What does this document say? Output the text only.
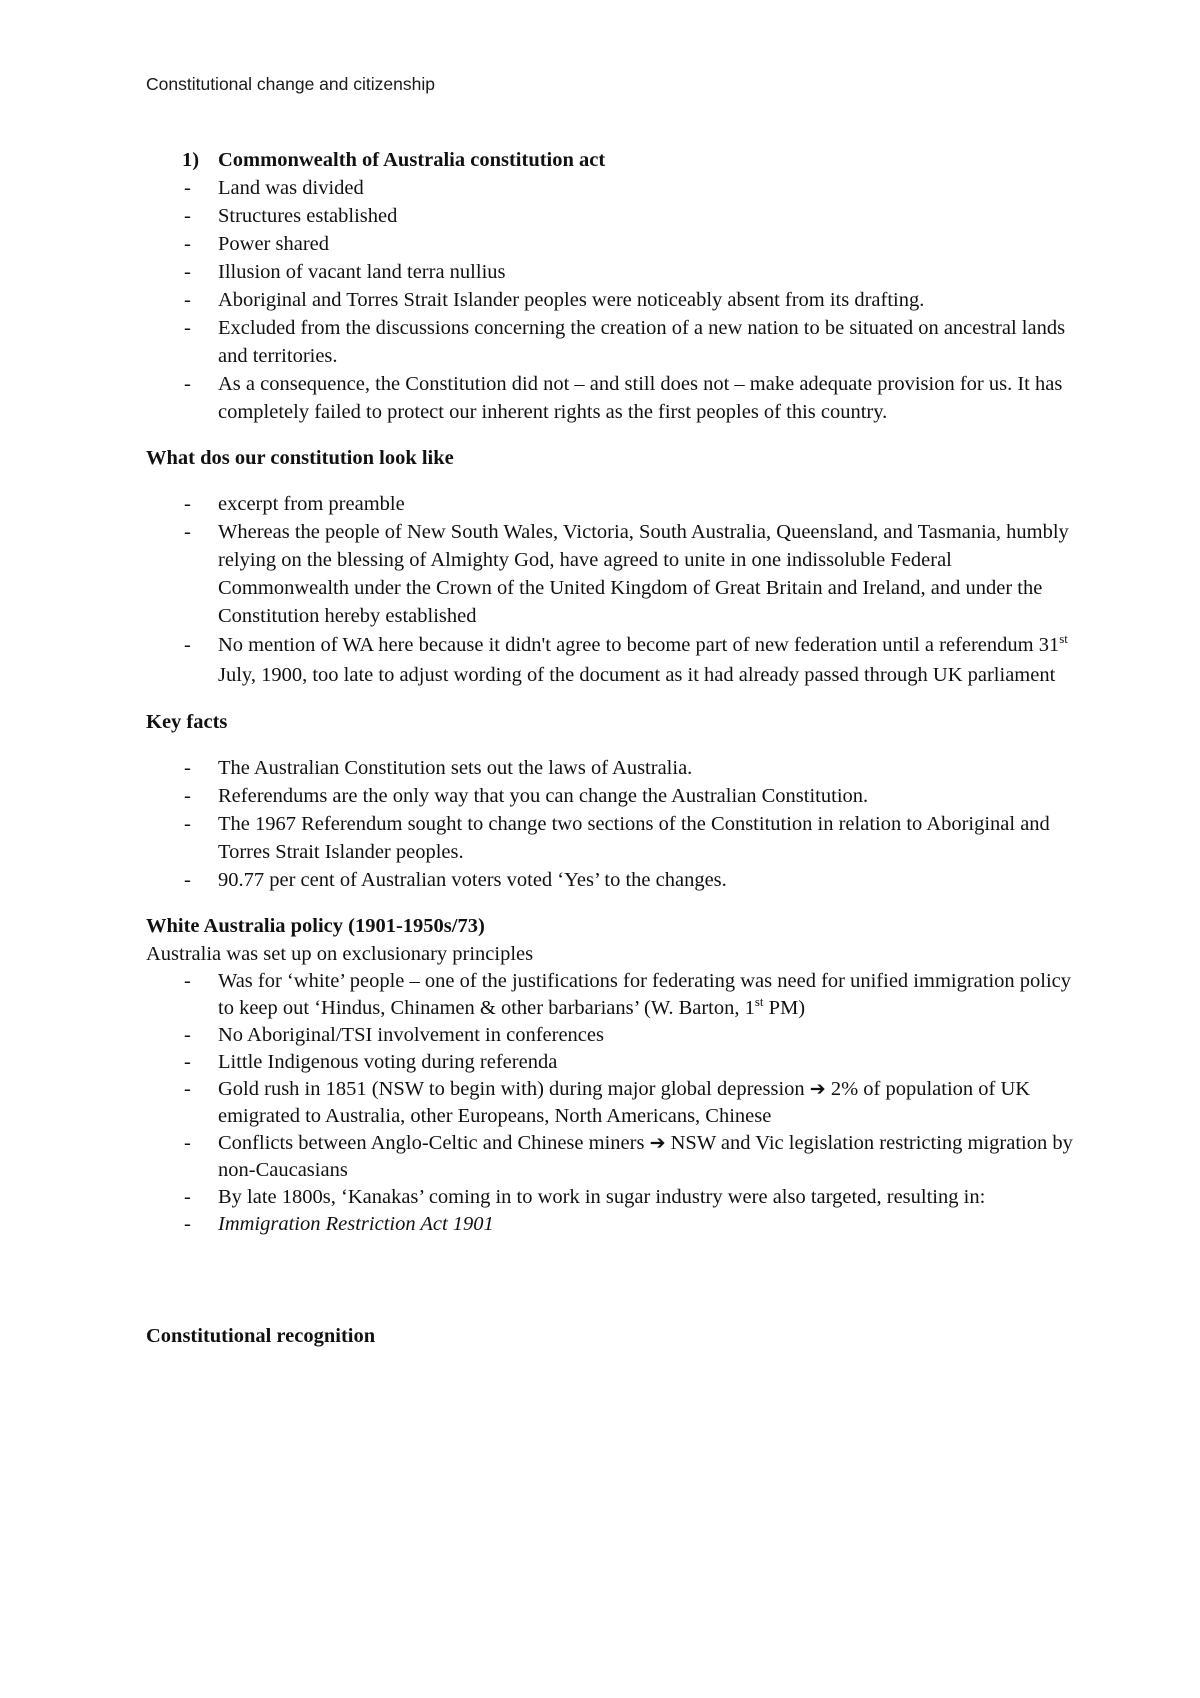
Constitutional change and citizenship
1) Commonwealth of Australia constitution act
- Land was divided
- Structures established
- Power shared
- Illusion of vacant land terra nullius
- Aboriginal and Torres Strait Islander peoples were noticeably absent from its drafting.
- Excluded from the discussions concerning the creation of a new nation to be situated on ancestral lands and territories.
- As a consequence, the Constitution did not – and still does not – make adequate provision for us. It has completely failed to protect our inherent rights as the first peoples of this country.
What dos our constitution look like
- excerpt from preamble
- Whereas the people of New South Wales, Victoria, South Australia, Queensland, and Tasmania, humbly relying on the blessing of Almighty God, have agreed to unite in one indissoluble Federal Commonwealth under the Crown of the United Kingdom of Great Britain and Ireland, and under the Constitution hereby established
- No mention of WA here because it didn't agree to become part of new federation until a referendum 31st July, 1900, too late to adjust wording of the document as it had already passed through UK parliament
Key facts
- The Australian Constitution sets out the laws of Australia.
- Referendums are the only way that you can change the Australian Constitution.
- The 1967 Referendum sought to change two sections of the Constitution in relation to Aboriginal and Torres Strait Islander peoples.
- 90.77 per cent of Australian voters voted ‘Yes’ to the changes.
White Australia policy (1901-1950s/73)
Australia was set up on exclusionary principles
- Was for ‘white’ people – one of the justifications for federating was need for unified immigration policy to keep out ‘Hindus, Chinamen & other barbarians’ (W. Barton, 1st PM)
- No Aboriginal/TSI involvement in conferences
- Little Indigenous voting during referenda
- Gold rush in 1851 (NSW to begin with) during major global depression ➔ 2% of population of UK emigrated to Australia, other Europeans, North Americans, Chinese
- Conflicts between Anglo-Celtic and Chinese miners ➔ NSW and Vic legislation restricting migration by non-Caucasians
- By late 1800s, ‘Kanakas’ coming in to work in sugar industry were also targeted, resulting in:
- Immigration Restriction Act 1901
Constitutional recognition
